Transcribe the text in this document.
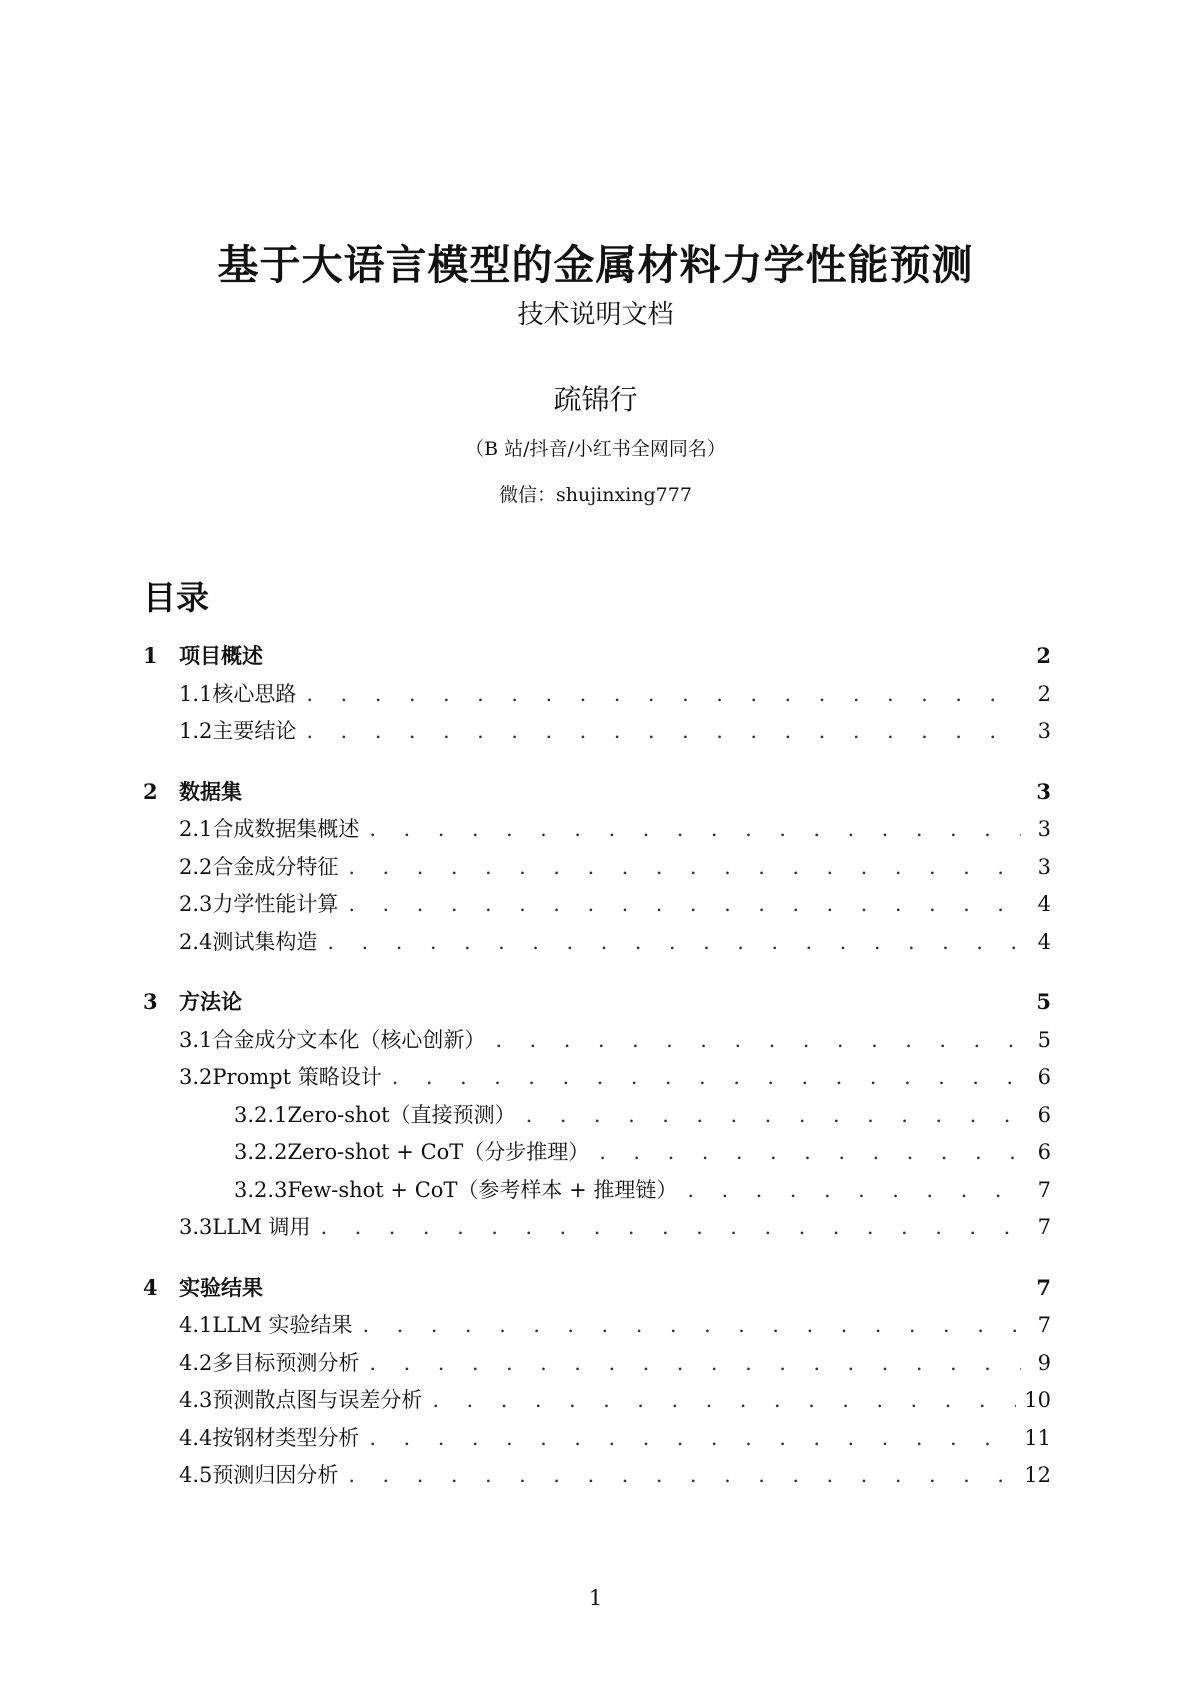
基于大语言模型的金属材料力学性能预测
技术说明文档
疏锦行
（B 站/抖音/小红书全网同名）
微信：shujinxing777
目录
1	项目概述	2
1.1 核心思路 . . .	2
1.2 主要结论 . . .	3
2	数据集	3
2.1 合成数据集概述 . . .	3
2.2 合金成分特征 . . .	3
2.3 力学性能计算 . . .	4
2.4 测试集构造 . . .	4
3	方法论	5
3.1 合金成分文本化（核心创新） . . .	5
3.2 Prompt 策略设计 . . .	6
3.2.1 Zero-shot（直接预测） . . .	6
3.2.2 Zero-shot + CoT（分步推理） . . .	6
3.2.3 Few-shot + CoT（参考样本 + 推理链） . . .	7
3.3 LLM 调用 . . .	7
4	实验结果	7
4.1 LLM 实验结果 . . .	7
4.2 多目标预测分析 . . .	9
4.3 预测散点图与误差分析 . . .	10
4.4 按钢材类型分析 . . .	11
4.5 预测归因分析 . . .	12
1
